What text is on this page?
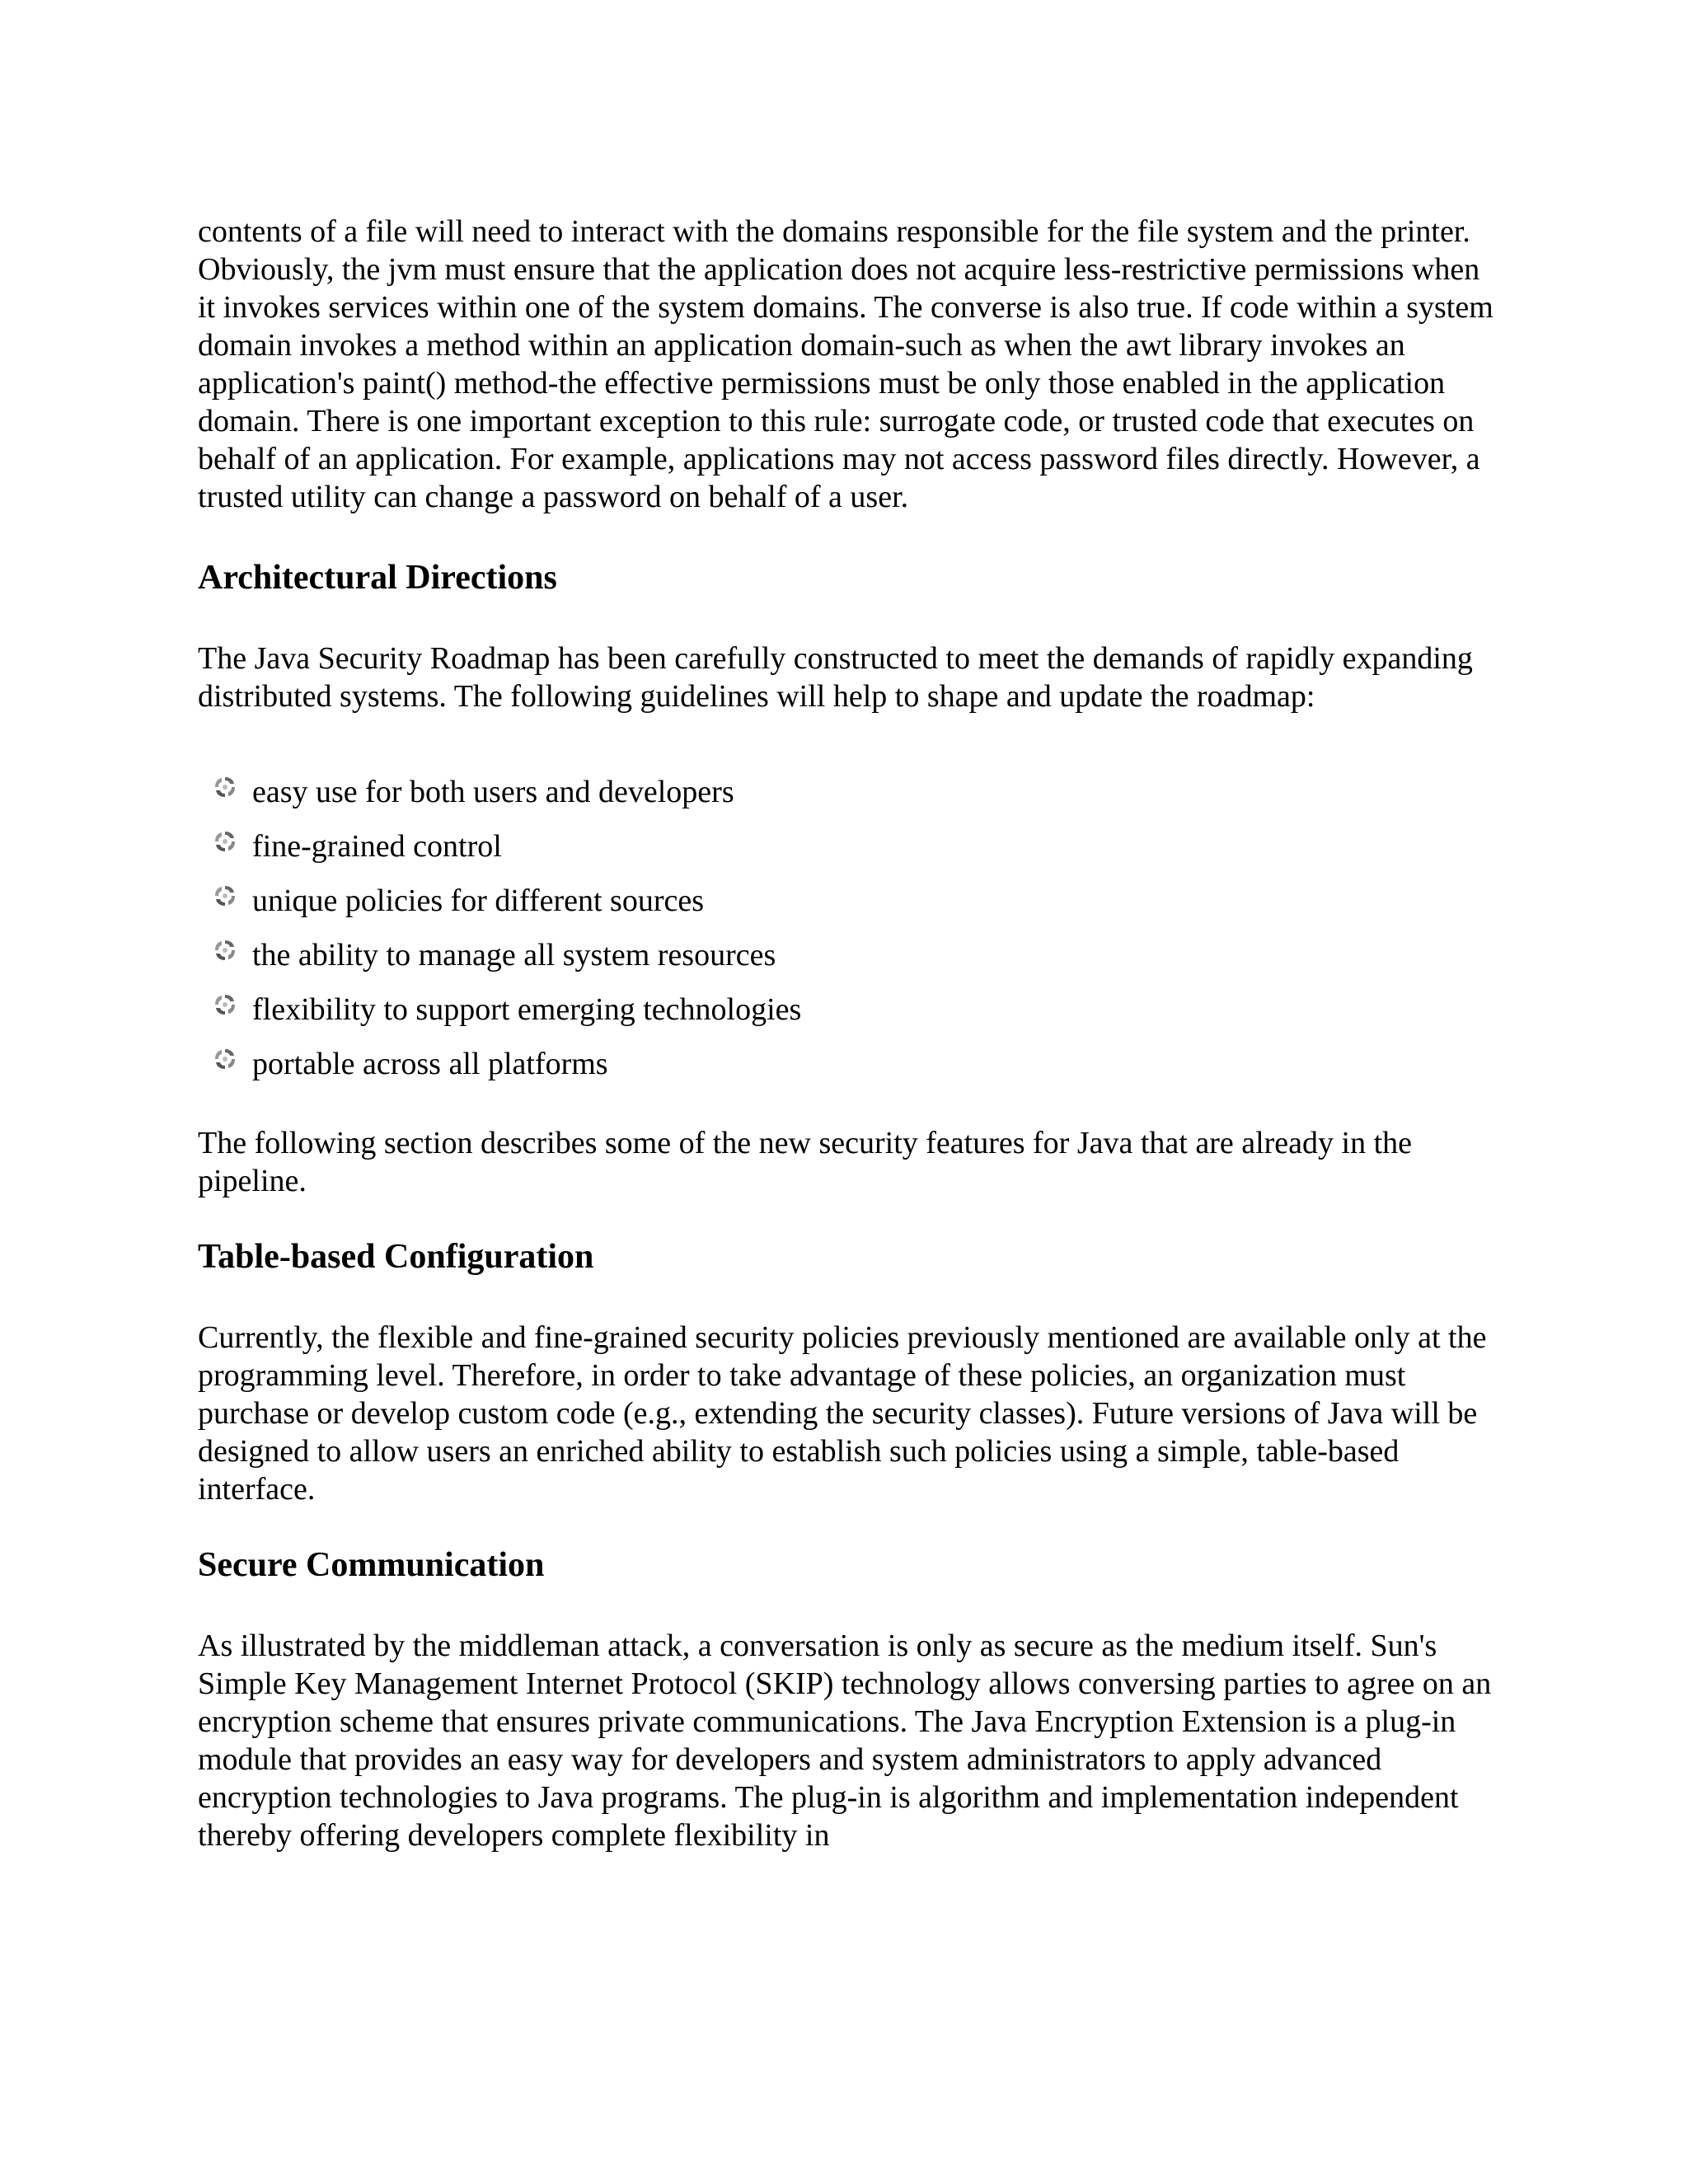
contents of a file will need to interact with the domains responsible for the file system and the printer. Obviously, the jvm must ensure that the application does not acquire less-restrictive permissions when it invokes services within one of the system domains. The converse is also true. If code within a system domain invokes a method within an application domain-such as when the awt library invokes an application's paint() method-the effective permissions must be only those enabled in the application domain. There is one important exception to this rule: surrogate code, or trusted code that executes on behalf of an application. For example, applications may not access password files directly. However, a trusted utility can change a password on behalf of a user.

Architectural Directions

The Java Security Roadmap has been carefully constructed to meet the demands of rapidly expanding distributed systems. The following guidelines will help to shape and update the roadmap:

easy use for both users and developers
fine-grained control
unique policies for different sources
the ability to manage all system resources
flexibility to support emerging technologies
portable across all platforms

The following section describes some of the new security features for Java that are already in the pipeline.

Table-based Configuration

Currently, the flexible and fine-grained security policies previously mentioned are available only at the programming level. Therefore, in order to take advantage of these policies, an organization must purchase or develop custom code (e.g., extending the security classes). Future versions of Java will be designed to allow users an enriched ability to establish such policies using a simple, table-based interface.

Secure Communication

As illustrated by the middleman attack, a conversation is only as secure as the medium itself. Sun's Simple Key Management Internet Protocol (SKIP) technology allows conversing parties to agree on an encryption scheme that ensures private communications. The Java Encryption Extension is a plug-in module that provides an easy way for developers and system administrators to apply advanced encryption technologies to Java programs. The plug-in is algorithm and implementation independent thereby offering developers complete flexibility in
